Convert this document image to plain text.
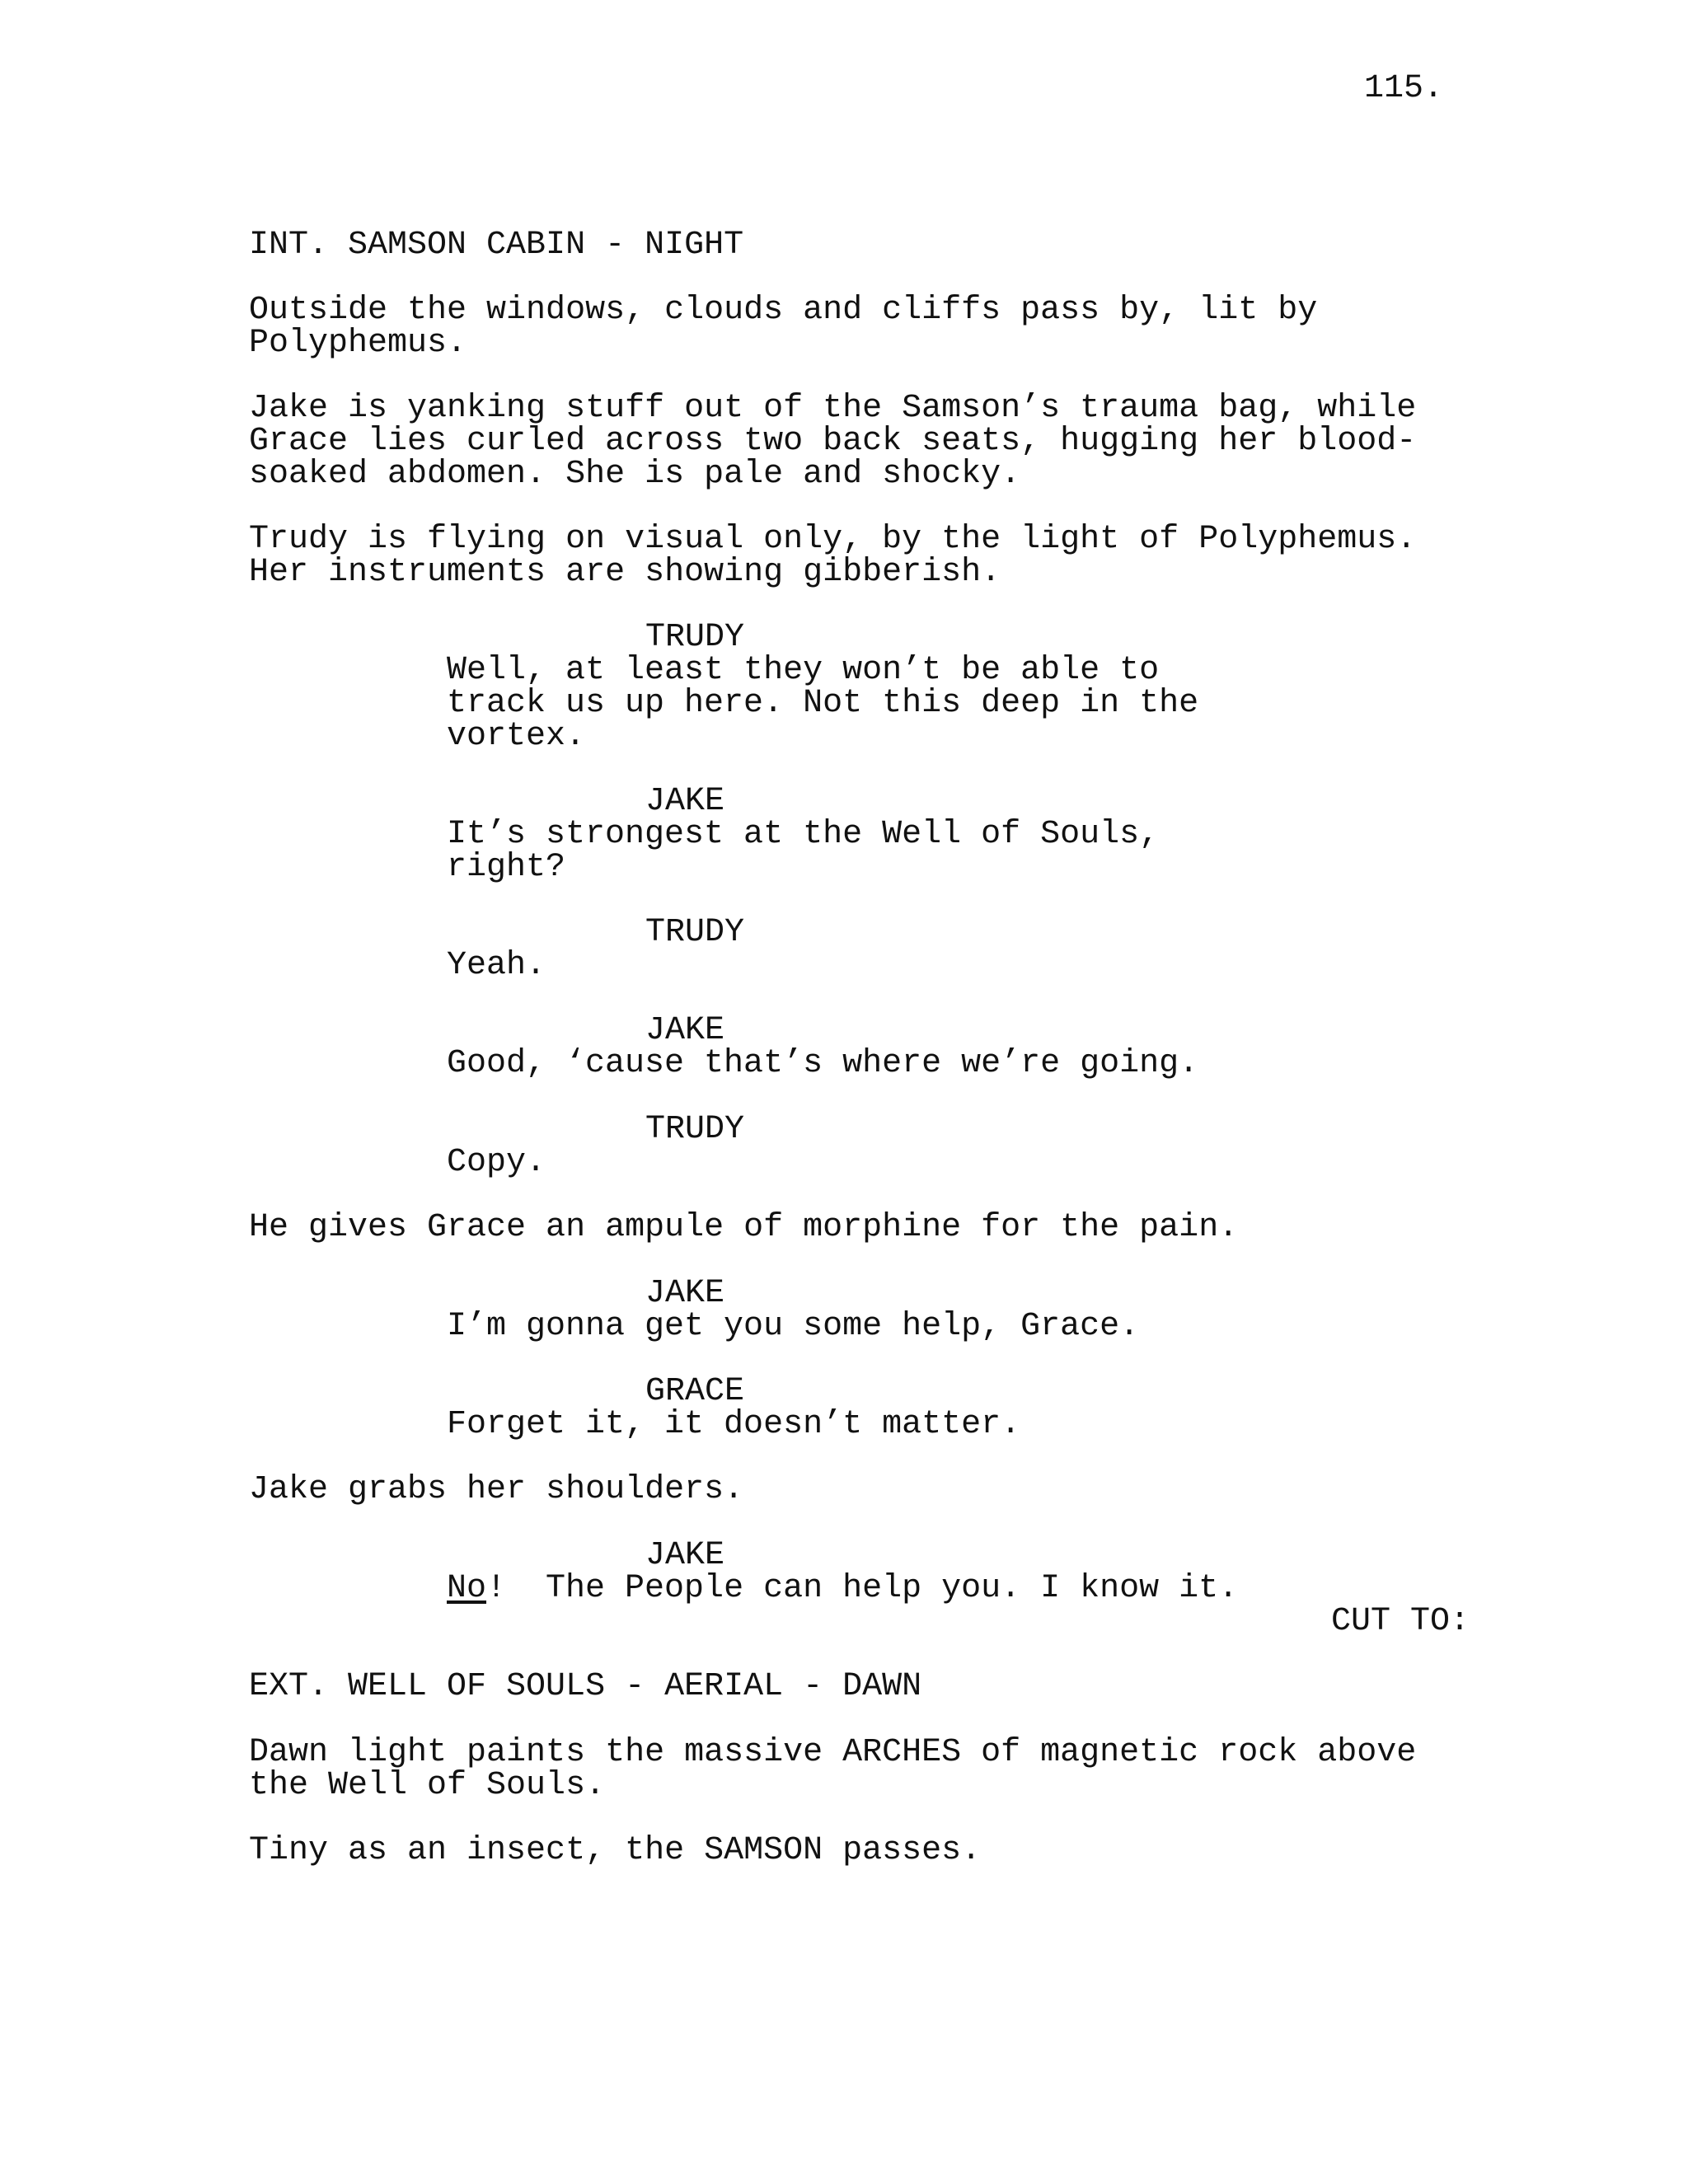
115.
INT. SAMSON CABIN - NIGHT
Outside the windows, clouds and cliffs pass by, lit by
Polyphemus.
Jake is yanking stuff out of the Samson’s trauma bag, while
Grace lies curled across two back seats, hugging her blood-
soaked abdomen. She is pale and shocky.
Trudy is flying on visual only, by the light of Polyphemus.
Her instruments are showing gibberish.
TRUDY
Well, at least they won’t be able to
track us up here. Not this deep in the
vortex.
JAKE
It’s strongest at the Well of Souls,
right?
TRUDY
Yeah.
JAKE
Good, ‘cause that’s where we’re going.
TRUDY
Copy.
He gives Grace an ampule of morphine for the pain.
JAKE
I’m gonna get you some help, Grace.
GRACE
Forget it, it doesn’t matter.
Jake grabs her shoulders.
JAKE
No!  The People can help you. I know it.
CUT TO:
EXT. WELL OF SOULS - AERIAL - DAWN
Dawn light paints the massive ARCHES of magnetic rock above
the Well of Souls.
Tiny as an insect, the SAMSON passes.
